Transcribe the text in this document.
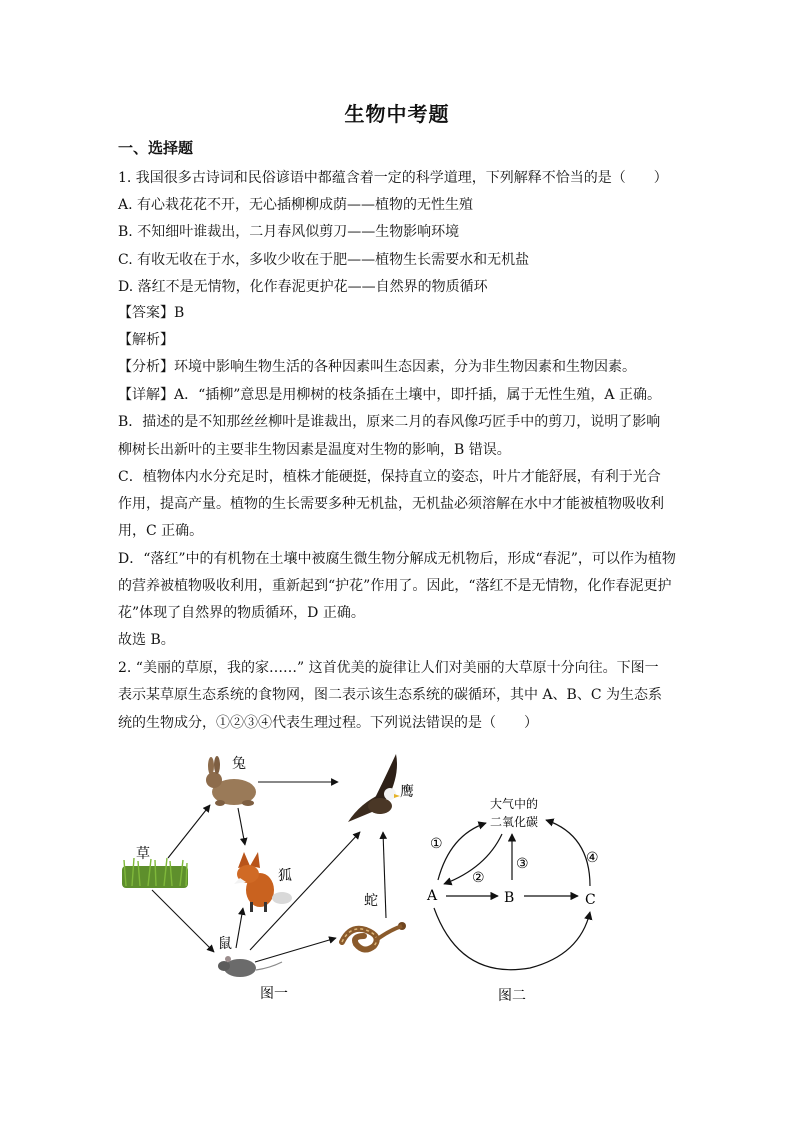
生物中考题
一、选择题
1. 我国很多古诗词和民俗谚语中都蕴含着一定的科学道理，下列解释不恰当的是（　　）
A. 有心栽花花不开，无心插柳柳成荫——植物的无性生殖
B. 不知细叶谁裁出，二月春风似剪刀——生物影响环境
C. 有收无收在于水，多收少收在于肥——植物生长需要水和无机盐
D. 落红不是无情物，化作春泥更护花——自然界的物质循环
【答案】B
【解析】
【分析】环境中影响生物生活的各种因素叫生态因素，分为非生物因素和生物因素。
【详解】A．“插柳”意思是用柳树的枝条插在土壤中，即扦插，属于无性生殖，A 正确。
B．描述的是不知那丝丝柳叶是谁裁出，原来二月的春风像巧匠手中的剪刀，说明了影响
柳树长出新叶的主要非生物因素是温度对生物的影响，B 错误。
C．植物体内水分充足时，植株才能硬挺，保持直立的姿态，叶片才能舒展，有利于光合
作用，提高产量。植物的生长需要多种无机盐，无机盐必须溶解在水中才能被植物吸收利
用，C 正确。
D．“落红”中的有机物在土壤中被腐生微生物分解成无机物后，形成“春泥”，可以作为植物
的营养被植物吸收利用，重新起到“护花”作用了。因此，“落红不是无情物，化作春泥更护
花”体现了自然界的物质循环，D 正确。
故选 B。
2. “美丽的草原，我的家……” 这首优美的旋律让人们对美丽的大草原十分向往。下图一
表示某草原生态系统的食物网，图二表示该生态系统的碳循环，其中 A、B、C 为生态系
统的生物成分，①②③④代表生理过程。下列说法错误的是（　　）
草
兔
狐
鼠
蛇
鹰
图一
大气中的
二氧化碳
A	B	C
①
②
③	④
图二
